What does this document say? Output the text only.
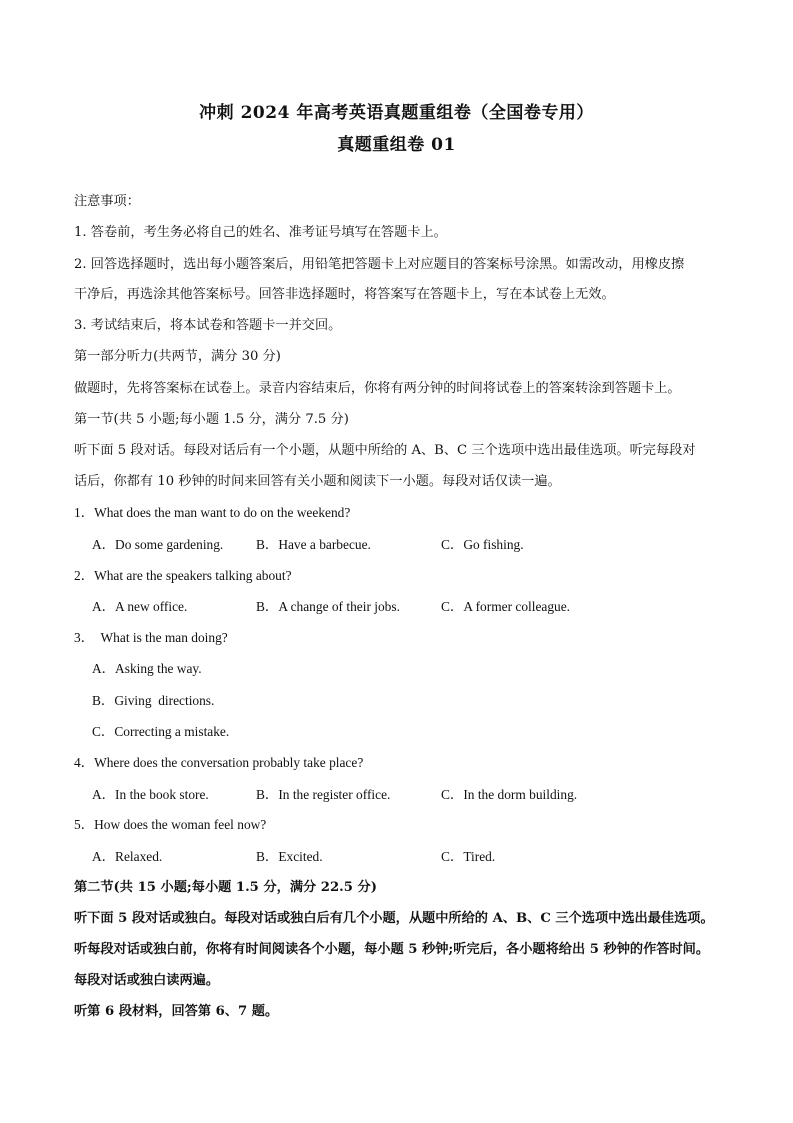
冲刺 2024 年高考英语真题重组卷（全国卷专用）
真题重组卷 01
注意事项：
1. 答卷前，考生务必将自己的姓名、准考证号填写在答题卡上。
2. 回答选择题时，选出每小题答案后，用铅笔把答题卡上对应题目的答案标号涂黑。如需改动，用橡皮擦
干净后，再选涂其他答案标号。回答非选择题时，将答案写在答题卡上，写在本试卷上无效。
3. 考试结束后，将本试卷和答题卡一并交回。
第一部分听力(共两节，满分 30 分)
做题时，先将答案标在试卷上。录音内容结束后，你将有两分钟的时间将试卷上的答案转涂到答题卡上。
第一节(共 5 小题;每小题 1.5 分，满分 7.5 分)
听下面 5 段对话。每段对话后有一个小题，从题中所给的 A、B、C 三个选项中选出最佳选项。听完每段对
话后，你都有 10 秒钟的时间来回答有关小题和阅读下一小题。每段对话仅读一遍。
1．What does the man want to do on the weekend?
A．Do some gardening. B．Have a barbecue.	C．Go fishing.
2．What are the speakers talking about?
A．A new office.	B．A change of their jobs.	C．A former colleague.
3．  What is the man doing?
A．Asking the way.
B．Giving  directions.
C．Correcting a mistake.
4．Where does the conversation probably take place?
A．In the book store.	B．In the register office.	C．In the dorm building.
5．How does the woman feel now?
A．Relaxed.	B．Excited.	C．Tired.
第二节(共 15 小题;每小题 1.5 分，满分 22.5 分)
听下面 5 段对话或独白。每段对话或独白后有几个小题，从题中所给的 A、B、C 三个选项中选出最佳选项。
听每段对话或独白前，你将有时间阅读各个小题，每小题 5 秒钟;听完后，各小题将给出 5 秒钟的作答时间。
每段对话或独白读两遍。
听第 6 段材料，回答第 6、7 题。
